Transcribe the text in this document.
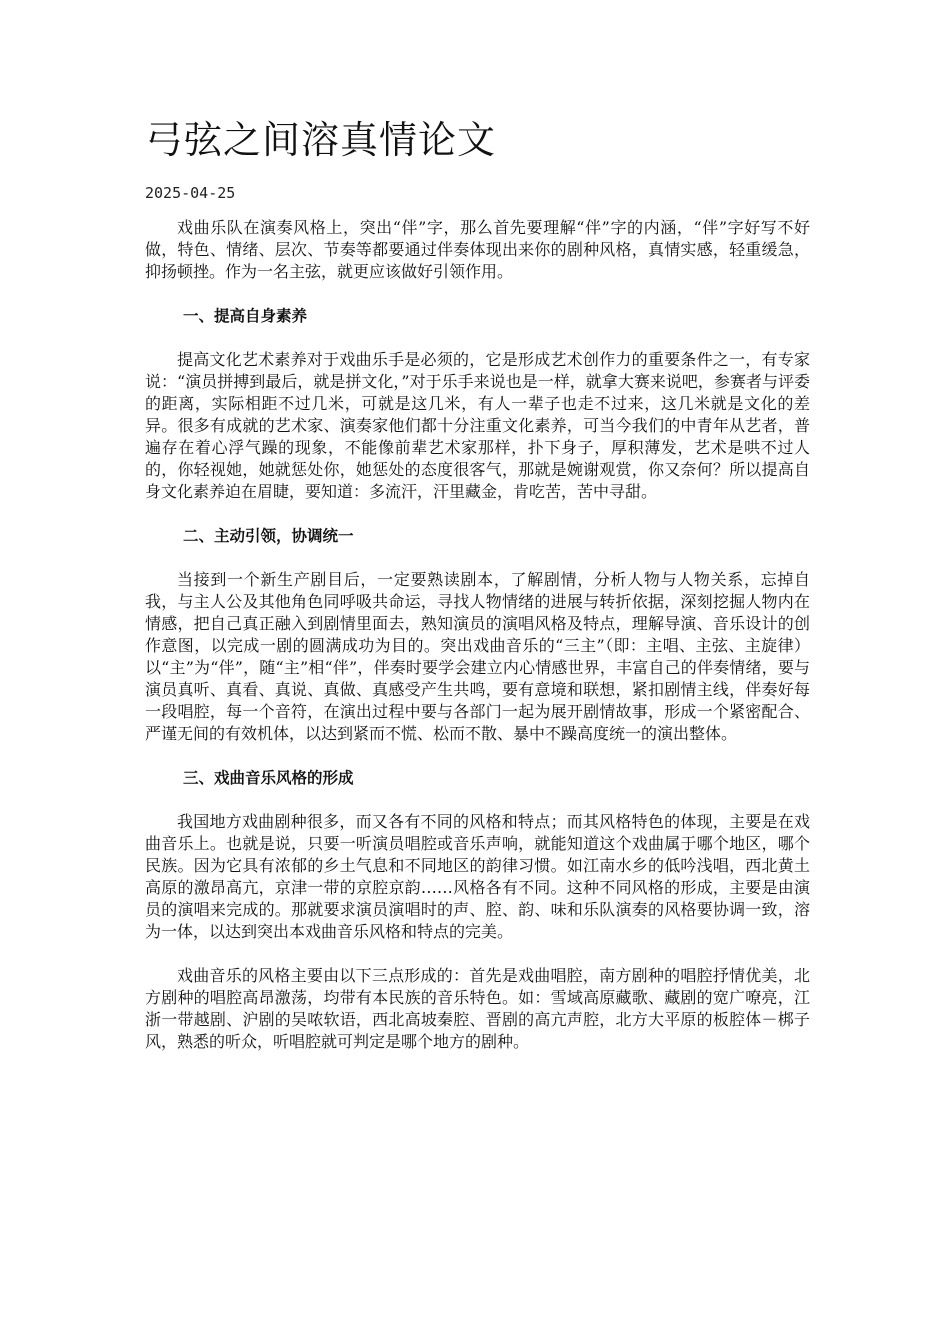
弓弦之间溶真情论文
2025-04-25

戏曲乐队在演奏风格上，突出“伴”字，那么首先要理解“伴”字的内涵，“伴”字好写不好做，特色、情绪、层次、节奏等都要通过伴奏体现出来你的剧种风格，真情实感，轻重缓急，抑扬顿挫。作为一名主弦，就更应该做好引领作用。

一、提高自身素养

提高文化艺术素养对于戏曲乐手是必须的，它是形成艺术创作力的重要条件之一，有专家说：“演员拼搏到最后，就是拼文化，”对于乐手来说也是一样，就拿大赛来说吧，参赛者与评委的距离，实际相距不过几米，可就是这几米，有人一辈子也走不过来，这几米就是文化的差异。很多有成就的艺术家、演奏家他们都十分注重文化素养，可当今我们的中青年从艺者，普遍存在着心浮气躁的现象，不能像前辈艺术家那样，扑下身子，厚积薄发，艺术是哄不过人的，你轻视她，她就惩处你，她惩处的态度很客气，那就是婉谢观赏，你又奈何？所以提高自身文化素养迫在眉睫，要知道：多流汗，汗里藏金，肯吃苦，苦中寻甜。

二、主动引领，协调统一

当接到一个新生产剧目后，一定要熟读剧本，了解剧情，分析人物与人物关系，忘掉自我，与主人公及其他角色同呼吸共命运，寻找人物情绪的进展与转折依据，深刻挖掘人物内在情感，把自己真正融入到剧情里面去，熟知演员的演唱风格及特点，理解导演、音乐设计的创作意图，以完成一剧的圆满成功为目的。突出戏曲音乐的“三主”（即：主唱、主弦、主旋律）以“主”为“伴”，随“主”相“伴”，伴奏时要学会建立内心情感世界，丰富自己的伴奏情绪，要与演员真听、真看、真说、真做、真感受产生共鸣，要有意境和联想，紧扣剧情主线，伴奏好每一段唱腔，每一个音符，在演出过程中要与各部门一起为展开剧情故事，形成一个紧密配合、严谨无间的有效机体，以达到紧而不慌、松而不散、暴中不躁高度统一的演出整体。

三、戏曲音乐风格的形成

我国地方戏曲剧种很多，而又各有不同的风格和特点；而其风格特色的体现，主要是在戏曲音乐上。也就是说，只要一听演员唱腔或音乐声响，就能知道这个戏曲属于哪个地区，哪个民族。因为它具有浓郁的乡土气息和不同地区的韵律习惯。如江南水乡的低吟浅唱，西北黄土高原的激昂高亢，京津一带的京腔京韵……风格各有不同。这种不同风格的形成，主要是由演员的演唱来完成的。那就要求演员演唱时的声、腔、韵、味和乐队演奏的风格要协调一致，溶为一体，以达到突出本戏曲音乐风格和特点的完美。

戏曲音乐的风格主要由以下三点形成的：首先是戏曲唱腔，南方剧种的唱腔抒情优美，北方剧种的唱腔高昂激荡，均带有本民族的音乐特色。如：雪域高原藏歌、藏剧的宽广嘹亮，江浙一带越剧、沪剧的吴哝软语，西北高坡秦腔、晋剧的高亢声腔，北方大平原的板腔体－梆子风，熟悉的听众，听唱腔就可判定是哪个地方的剧种。
